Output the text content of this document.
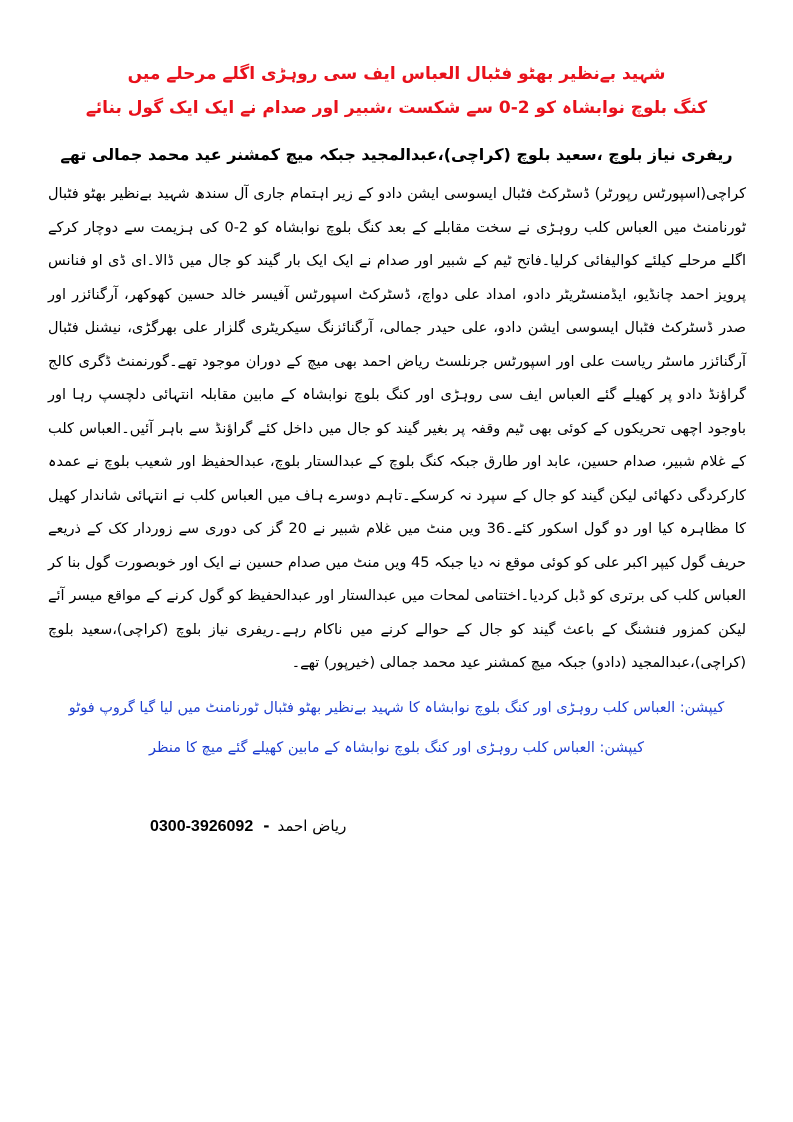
شہید بےنظیر بھٹو فٹبال العباس ایف سی روہڑی اگلے مرحلے میں
کنگ بلوچ نوابشاہ کو 2-0 سے شکست ،شبیر اور صدام نے ایک ایک گول بنائے
ریفری نیاز بلوچ ،سعید بلوچ (کراچی)،عبدالمجید جبکہ میچ کمشنر عید محمد جمالی تھے
کراچی(اسپورٹس رپورٹر) ڈسٹرکٹ فٹبال ایسوسی ایشن دادو کے زیر اہتمام جاری آل سندھ شہید بےنظیر بھٹو فٹبال ٹورنامنٹ میں العباس کلب روہڑی نے سخت مقابلے کے بعد کنگ بلوچ نوابشاہ کو 2-0 کی ہزیمت سے دوچار کرکے اگلے مرحلے کیلئے کوالیفائی کرلیا۔فاتح ٹیم کے شبیر اور صدام نے ایک ایک بار گیند کو جال میں ڈالا۔ای ڈی او فنانس پرویز احمد چانڈیو، ایڈمنسٹریٹر دادو، امداد علی دواچ، ڈسٹرکٹ اسپورٹس آفیسر خالد حسین کھوکھر، آرگنائزر اور صدر ڈسٹرکٹ فٹبال ایسوسی ایشن دادو، علی حیدر جمالی، آرگنائزنگ سیکریٹری گلزار علی بھرگڑی، نیشنل فٹبال آرگنائزر ماسٹر ریاست علی اور اسپورٹس جرنلسٹ ریاض احمد بھی میچ کے دوران موجود تھے۔گورنمنٹ ڈگری کالج گراؤنڈ دادو پر کھیلے گئے العباس ایف سی روہڑی اور کنگ بلوچ نوابشاہ کے مابین مقابلہ انتہائی دلچسپ رہا اور باوجود اچھی تحریکوں کے کوئی بھی ٹیم وقفہ پر بغیر گیند کو جال میں داخل کئے گراؤنڈ سے باہر آئیں۔العباس کلب کے غلام شبیر، صدام حسین، عابد اور طارق جبکہ کنگ بلوچ کے عبدالستار بلوچ، عبدالحفیظ اور شعیب بلوچ نے عمدہ کارکردگی دکھائی لیکن گیند کو جال کے سپرد نہ کرسکے۔تاہم دوسرے ہاف میں العباس کلب نے انتہائی شاندار کھیل کا مظاہرہ کیا اور دو گول اسکور کئے۔36 ویں منٹ میں غلام شبیر نے 20 گز کی دوری سے زوردار کک کے ذریعے حریف گول کیپر اکبر علی کو کوئی موقع نہ دیا جبکہ 45 ویں منٹ میں صدام حسین نے ایک اور خوبصورت گول بنا کر العباس کلب کی برتری کو ڈبل کردیا۔اختتامی لمحات میں عبدالستار اور عبدالحفیظ کو گول کرنے کے مواقع میسر آئے لیکن کمزور فنشنگ کے باعث گیند کو جال کے حوالے کرنے میں ناکام رہے۔ریفری نیاز بلوچ (کراچی)،سعید بلوچ (کراچی)،عبدالمجید (دادو) جبکہ میچ کمشنر عید محمد جمالی (خیرپور) تھے۔
کیپشن: العباس کلب روہڑی اور کنگ بلوچ نوابشاہ کا شہید بےنظیر بھٹو فٹبال ٹورنامنٹ میں لیا گیا گروپ فوٹو
کیپشن: العباس کلب روہڑی اور کنگ بلوچ نوابشاہ کے مابین کھیلے گئے میچ کا منظر
0300-3926092 - ریاض احمد
